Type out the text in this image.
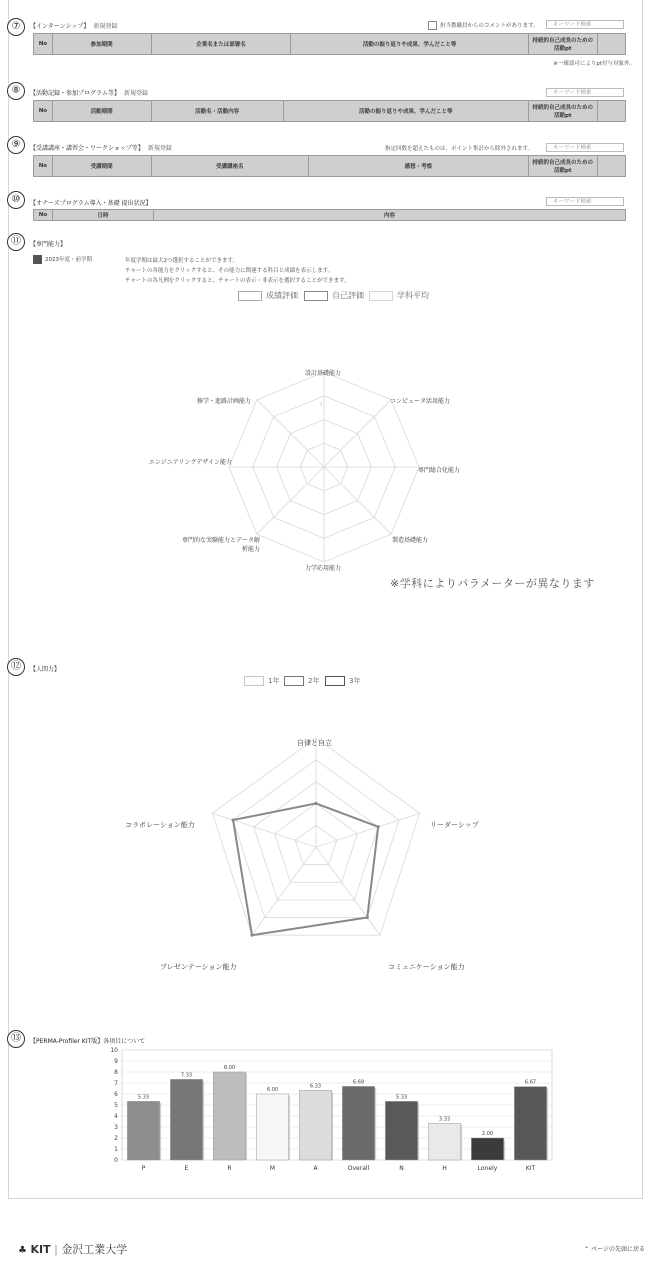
⑦	【インターンシップ】 新規登録	担当教職員からのコメントがあります。	キーワード検索
No	参加期間	企業名または部署名	活動の振り返りや成果、学んだこと等	持続的自己成長のための活動pt	
※一緒認可によりpt付与対象外。
⑧	【活動記録・参加プログラム等】 新規登録	キーワード検索
No	活動期間	活動名・活動内容	活動の振り返りや成果、学んだこと等	持続的自己成長のための活動pt	
⑨	【受講講座・講習会・ワークショップ等】 新規登録	指定回数を超えたものは、ポイント集計から除外されます。	キーワード検索
No	受講期間	受講講座名	感想・考察	持続的自己成長のための活動pt	
⑩	【オナーズプログラム導入・基礎 提出状況】	キーワード検索
No	日時	内容
⑪	【専門能力】
2023年度・前学期	年度学期は最大2つ選択することができます。
チャートの各能力をクリックすると、その能力に関連する科目と成績を表示します。
チャートの各凡例をクリックすると、チャートの表示・非表示を選択することができます。
成績評価	自己評価	学科平均
設計基礎能力
コンピュータ活用能力
専門総合化能力
製造基礎能力
力学応用能力
専門的な実験能力とデータ解析能力
エンジニアリングデザイン能力
修学・進路計画能力	1
※学科によりパラメーターが異なります
⑫	【人間力】
1年	2年	3年
自律と自立
リーダーシップ
コミュニケーション能力
プレゼンテーション能力
コラボレーション能力
⑬	【PERMA-Profiler KIT版】各項目について
0
1
2
3
4
5
6
7
8
9
10
5.33
P
7.33
E
8.00
R
6.00
M
6.33
A
6.69
Overall
5.33
N
3.33
H
2.00
Lonely
6.67
KIT
♣ KIT | 金沢工業大学	⌃ ページの先頭に戻る
